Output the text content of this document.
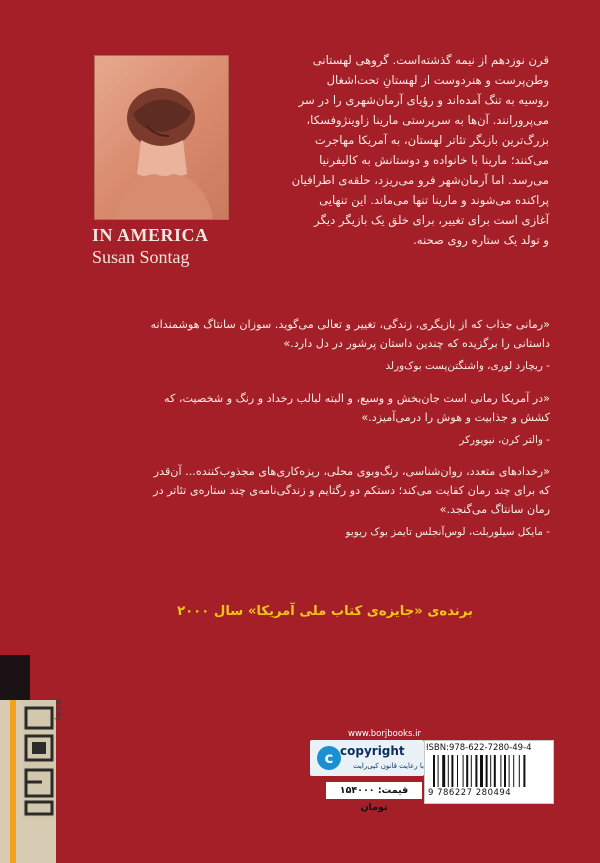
قرن نوزدهم از نیمه گذشته‌است. گروهی لهستانی

وطن‌پرست و هنردوست از لهستانِ تحت‌اشغال

روسیه به تنگ آمده‌اند و رؤیای آرمان‌شهری را در سر

می‌پرورانند. آن‌ها به سرپرستی مارینا زاوینژوفسکا،

بزرگ‌ترین بازیگر تئاتر لهستان، به آمریکا مهاجرت

می‌کنند؛ مارینا با خانواده و دوستانش به کالیفرنیا

می‌رسد. اما آرمان‌شهر فرو می‌ریزد، حلقه‌ی اطرافیان

پراکنده می‌شوند و مارینا تنها می‌ماند. این تنهایی

آغازی است برای تغییر، برای خلق یک بازیگر دیگر

و تولد یک ستاره روی صحنه.

IN AMERICA
Susan Sontag

«رمانی جذاب که از بازیگری، زندگی، تغییر و تعالی می‌گوید. سوزان سانتاگ هوشمندانه

داستانی را برگزیده که چندین داستان پرشور در دل دارد.»

- ریچارد لوری، واشنگتن‌پست بوک‌ورلد

«در آمریکا رمانی است جان‌بخش و وسیع، و البته لبالب رخداد و رنگ و شخصیت، که

کشش و جذابیت و هوش را درمی‌آمیزد.»

- والتر کرن، نیویورکر

«رخدادهای متعدد، روان‌شناسی، رنگ‌وبوی محلی، ریزه‌کاری‌های مجذوب‌کننده... آن‌قدر

که برای چند رمان کفایت می‌کند؛ دستکم دو رگتایم و زندگی‌نامه‌ی چند ستاره‌ی تئاتر در

رمان سانتاگ می‌گنجد.»

- مایکل سیلوربلت، لوس‌آنجلس تایمز بوک ریویو

برنده‌ی «جایزه‌ی کتاب ملی آمریکا» سال ۲۰۰۰
BORJ
www.borjbooks.ir
c copyright
با رعایت قانون کپی‌رایت
ISBN:978-622-7280-49-4
9 786227 280494
قیمت: ۱۵۴۰۰۰ تومان
